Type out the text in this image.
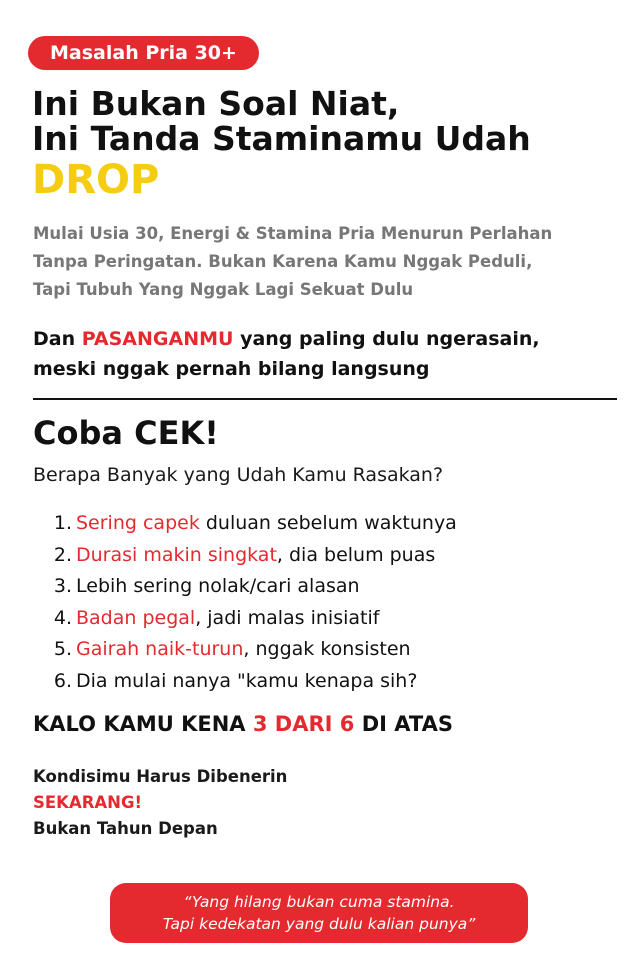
Masalah Pria 30+
Ini Bukan Soal Niat,
Ini Tanda Staminamu Udah
DROP
Mulai Usia 30, Energi & Stamina Pria Menurun Perlahan
Tanpa Peringatan. Bukan Karena Kamu Nggak Peduli,
Tapi Tubuh Yang Nggak Lagi Sekuat Dulu
Dan PASANGANMU yang paling dulu ngerasain,
meski nggak pernah bilang langsung
Coba CEK!
Berapa Banyak yang Udah Kamu Rasakan?
1. Sering capek duluan sebelum waktunya
2. Durasi makin singkat, dia belum puas
3. Lebih sering nolak/cari alasan
4. Badan pegal, jadi malas inisiatif
5. Gairah naik-turun, nggak konsisten
6. Dia mulai nanya "kamu kenapa sih?
KALO KAMU KENA 3 DARI 6 DI ATAS
Kondisimu Harus Dibenerin
SEKARANG!
Bukan Tahun Depan
“Yang hilang bukan cuma stamina.
Tapi kedekatan yang dulu kalian punya”
